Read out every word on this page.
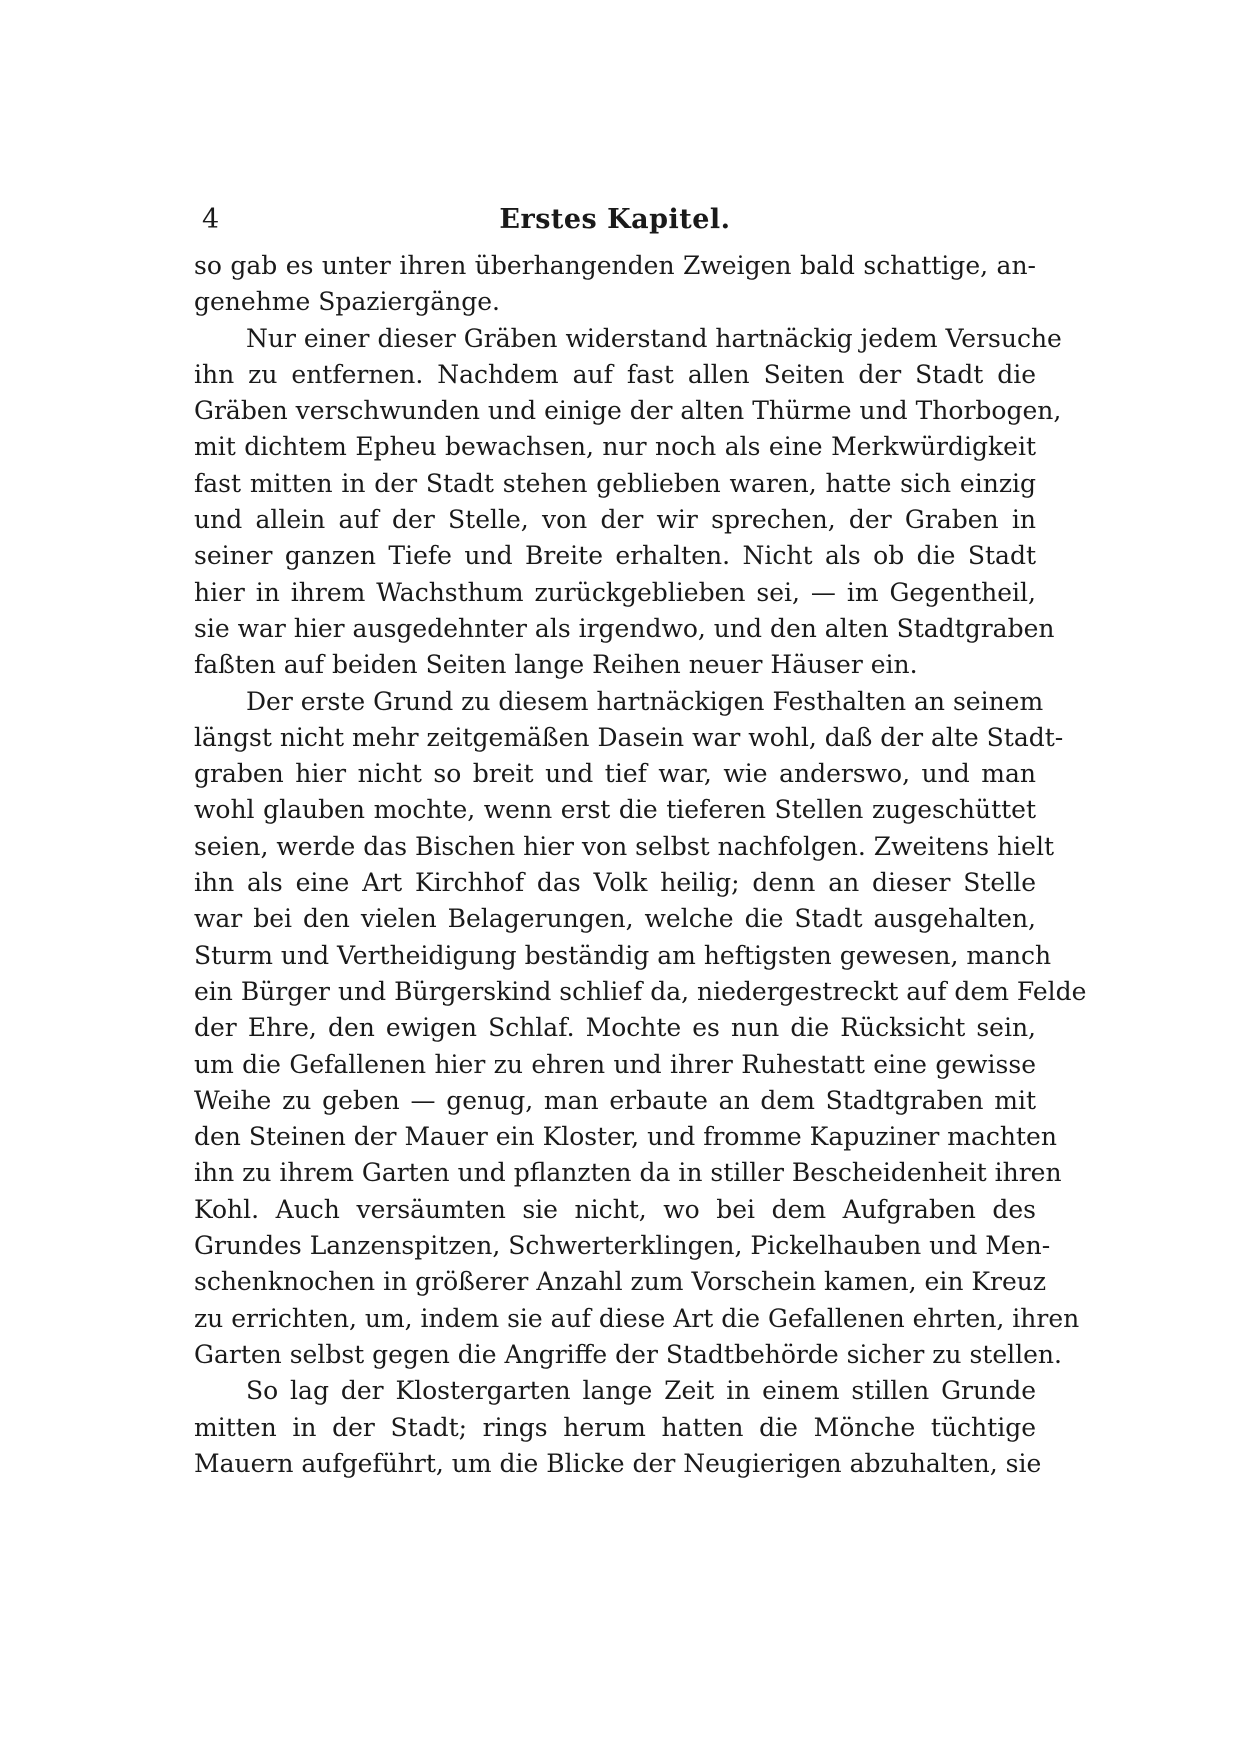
4	Erstes Kapitel.
so gab es unter ihren überhangenden Zweigen bald schattige, an-
genehme Spaziergänge.
Nur einer dieser Gräben widerstand hartnäckig jedem Versuche
ihn zu entfernen. Nachdem auf fast allen Seiten der Stadt die
Gräben verschwunden und einige der alten Thürme und Thorbogen,
mit dichtem Epheu bewachsen, nur noch als eine Merkwürdigkeit
fast mitten in der Stadt stehen geblieben waren, hatte sich einzig
und allein auf der Stelle, von der wir sprechen, der Graben in
seiner ganzen Tiefe und Breite erhalten. Nicht als ob die Stadt
hier in ihrem Wachsthum zurückgeblieben sei, — im Gegentheil,
sie war hier ausgedehnter als irgendwo, und den alten Stadtgraben
faßten auf beiden Seiten lange Reihen neuer Häuser ein.
Der erste Grund zu diesem hartnäckigen Festhalten an seinem
längst nicht mehr zeitgemäßen Dasein war wohl, daß der alte Stadt-
graben hier nicht so breit und tief war, wie anderswo, und man
wohl glauben mochte, wenn erst die tieferen Stellen zugeschüttet
seien, werde das Bischen hier von selbst nachfolgen. Zweitens hielt
ihn als eine Art Kirchhof das Volk heilig; denn an dieser Stelle
war bei den vielen Belagerungen, welche die Stadt ausgehalten,
Sturm und Vertheidigung beständig am heftigsten gewesen, manch
ein Bürger und Bürgerskind schlief da, niedergestreckt auf dem Felde
der Ehre, den ewigen Schlaf. Mochte es nun die Rücksicht sein,
um die Gefallenen hier zu ehren und ihrer Ruhestatt eine gewisse
Weihe zu geben — genug, man erbaute an dem Stadtgraben mit
den Steinen der Mauer ein Kloster, und fromme Kapuziner machten
ihn zu ihrem Garten und pflanzten da in stiller Bescheidenheit ihren
Kohl. Auch versäumten sie nicht, wo bei dem Aufgraben des
Grundes Lanzenspitzen, Schwerterklingen, Pickelhauben und Men-
schenknochen in größerer Anzahl zum Vorschein kamen, ein Kreuz
zu errichten, um, indem sie auf diese Art die Gefallenen ehrten, ihren
Garten selbst gegen die Angriffe der Stadtbehörde sicher zu stellen.
So lag der Klostergarten lange Zeit in einem stillen Grunde
mitten in der Stadt; rings herum hatten die Mönche tüchtige
Mauern aufgeführt, um die Blicke der Neugierigen abzuhalten, sie
